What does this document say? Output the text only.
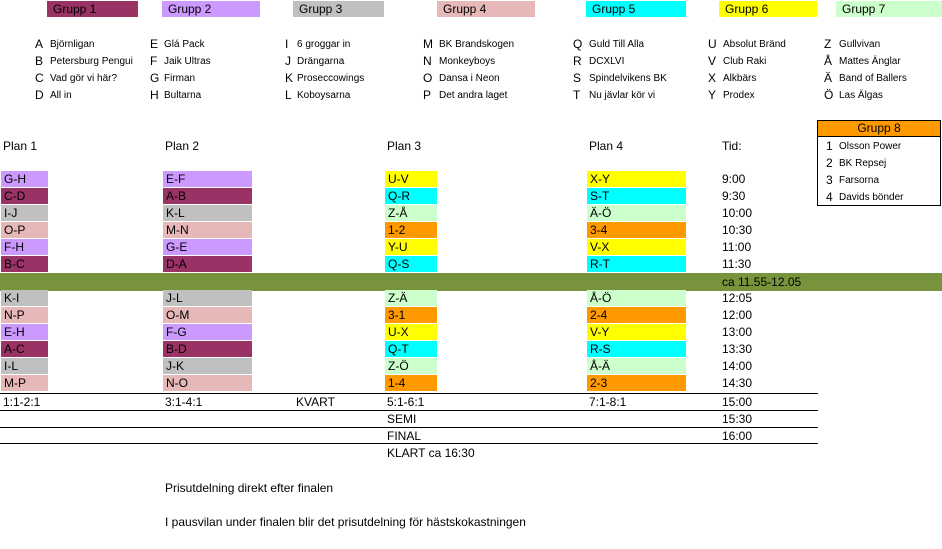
Grupp 1	Grupp 2	Grupp 3	Grupp 4	Grupp 5	Grupp 6	Grupp 7
A Björnligan
B Petersburg Pengui
C Vad gör vi här?
D All in
E Glá Pack
F Jaik Ultras
G Firman
H Bultarna
I 6 groggar in
J Drängarna
K Proseccowings
L Koboysarna
M BK Brandskogen
N Monkeyboys
O Dansa i Neon
P Det andra laget
Q Guld Till Alla
R DCXLVI
S Spindelvikens BK
T Nu jävlar kör vi
U Absolut Bränd
V Club Raki
X Alkbärs
Y Prodex
Z Gullvivan
Å Mattes Änglar
Ä Band of Ballers
Ö Las Älgas
Grupp 8
1 Olsson Power
2 BK Repsej
3 Farsorna
4 Davids bönder
Plan 1	Plan 2	Plan 3	Plan 4	Tid:
G-H	E-F	U-V	X-Y	9:00
C-D	A-B	Q-R	S-T	9:30
I-J	K-L	Z-Å	Ä-Ö	10:00
O-P	M-N	1-2	3-4	10:30
F-H	G-E	Y-U	V-X	11:00
B-C	D-A	Q-S	R-T	11:30
ca 11.55-12.05
K-I	J-L	Z-Ä	Å-Ö	12:05
N-P	O-M	3-1	2-4	12:00
E-H	F-G	U-X	V-Y	13:00
A-C	B-D	Q-T	R-S	13:30
I-L	J-K	Z-Ö	Å-Ä	14:00
M-P	N-O	1-4	2-3	14:30
1:1-2:1	3:1-4:1	KVART	5:1-6:1	7:1-8:1	15:00
SEMI	15:30
FINAL	16:00
KLART ca 16:30
Prisutdelning direkt efter finalen
I pausvilan under finalen blir det prisutdelning för hästskokastningen
